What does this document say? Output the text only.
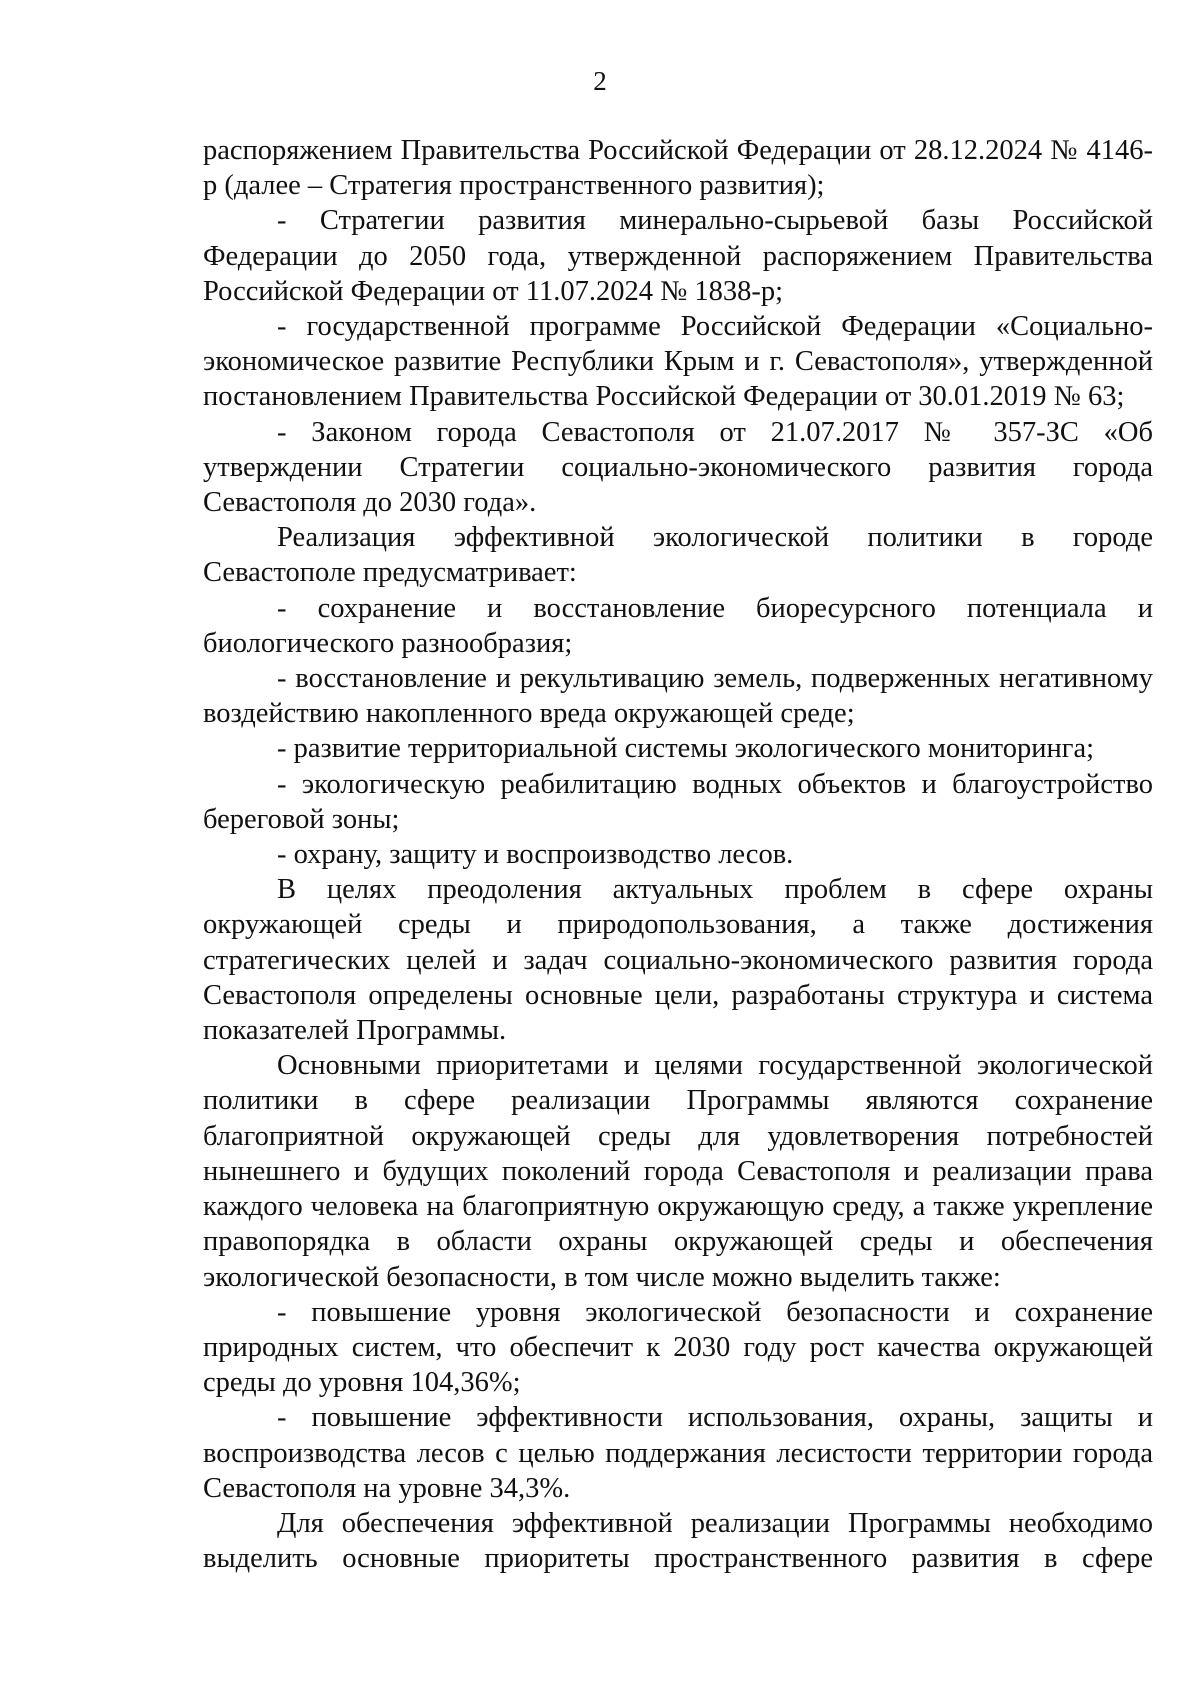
2

распоряжением Правительства Российской Федерации от 28.12.2024 № 4146-р (далее – Стратегия пространственного развития);

- Стратегии развития минерально-сырьевой базы Российской Федерации до 2050 года, утвержденной распоряжением Правительства Российской Федерации от 11.07.2024 № 1838-р;

- государственной программе Российской Федерации «Социально-экономическое развитие Республики Крым и г. Севастополя», утвержденной постановлением Правительства Российской Федерации от 30.01.2019 № 63;

- Законом города Севастополя от 21.07.2017 № 357-ЗС «Об утверждении Стратегии социально-экономического развития города Севастополя до 2030 года».

Реализация эффективной экологической политики в городе Севастополе предусматривает:

- сохранение и восстановление биоресурсного потенциала и биологического разнообразия;

- восстановление и рекультивацию земель, подверженных негативному воздействию накопленного вреда окружающей среде;

- развитие территориальной системы экологического мониторинга;

- экологическую реабилитацию водных объектов и благоустройство береговой зоны;

- охрану, защиту и воспроизводство лесов.

В целях преодоления актуальных проблем в сфере охраны окружающей среды и природопользования, а также достижения стратегических целей и задач социально-экономического развития города Севастополя определены основные цели, разработаны структура и система показателей Программы.

Основными приоритетами и целями государственной экологической политики в сфере реализации Программы являются сохранение благоприятной окружающей среды для удовлетворения потребностей нынешнего и будущих поколений города Севастополя и реализации права каждого человека на благоприятную окружающую среду, а также укрепление правопорядка в области охраны окружающей среды и обеспечения экологической безопасности, в том числе можно выделить также:

- повышение уровня экологической безопасности и сохранение природных систем, что обеспечит к 2030 году рост качества окружающей среды до уровня 104,36%;

- повышение эффективности использования, охраны, защиты и воспроизводства лесов с целью поддержания лесистости территории города Севастополя на уровне 34,3%.

Для обеспечения эффективной реализации Программы необходимо выделить основные приоритеты пространственного развития в сфере
